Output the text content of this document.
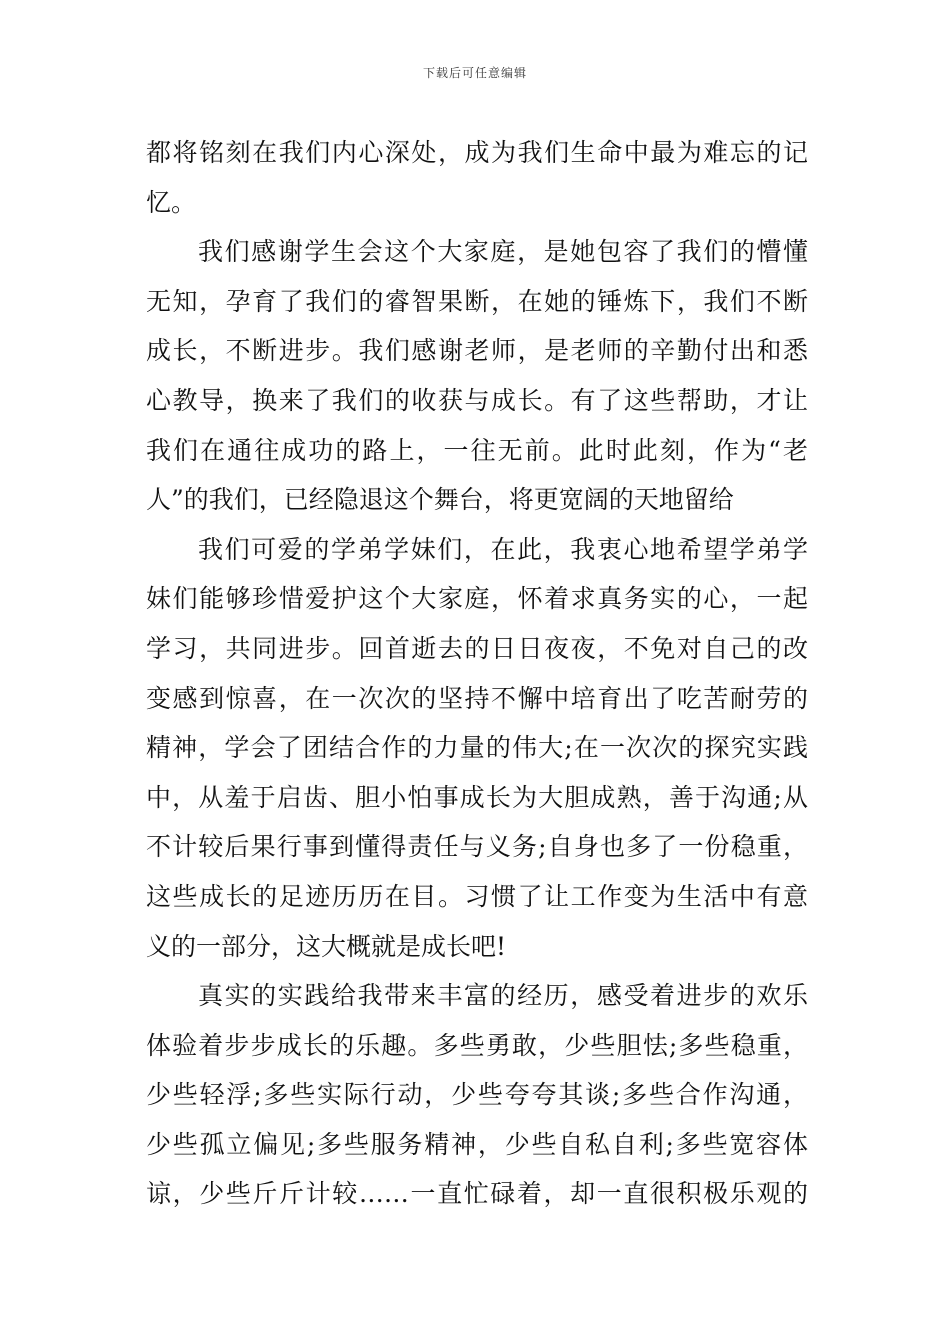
下载后可任意编辑
都将铭刻在我们内心深处，成为我们生命中最为难忘的记
忆。
我们感谢学生会这个大家庭，是她包容了我们的懵懂
无知，孕育了我们的睿智果断，在她的锤炼下，我们不断
成长，不断进步。我们感谢老师，是老师的辛勤付出和悉
心教导，换来了我们的收获与成长。有了这些帮助，才让
我们在通往成功的路上，一往无前。此时此刻，作为“老
人”的我们，已经隐退这个舞台，将更宽阔的天地留给
我们可爱的学弟学妹们，在此，我衷心地希望学弟学
妹们能够珍惜爱护这个大家庭，怀着求真务实的心，一起
学习，共同进步。回首逝去的日日夜夜，不免对自己的改
变感到惊喜，在一次次的坚持不懈中培育出了吃苦耐劳的
精神，学会了团结合作的力量的伟大;在一次次的探究实践
中，从羞于启齿、胆小怕事成长为大胆成熟，善于沟通;从
不计较后果行事到懂得责任与义务;自身也多了一份稳重，
这些成长的足迹历历在目。习惯了让工作变为生活中有意
义的一部分，这大概就是成长吧!
真实的实践给我带来丰富的经历，感受着进步的欢乐
体验着步步成长的乐趣。多些勇敢，少些胆怯;多些稳重，
少些轻浮;多些实际行动，少些夸夸其谈;多些合作沟通，
少些孤立偏见;多些服务精神，少些自私自利;多些宽容体
谅，少些斤斤计较……一直忙碌着，却一直很积极乐观的
